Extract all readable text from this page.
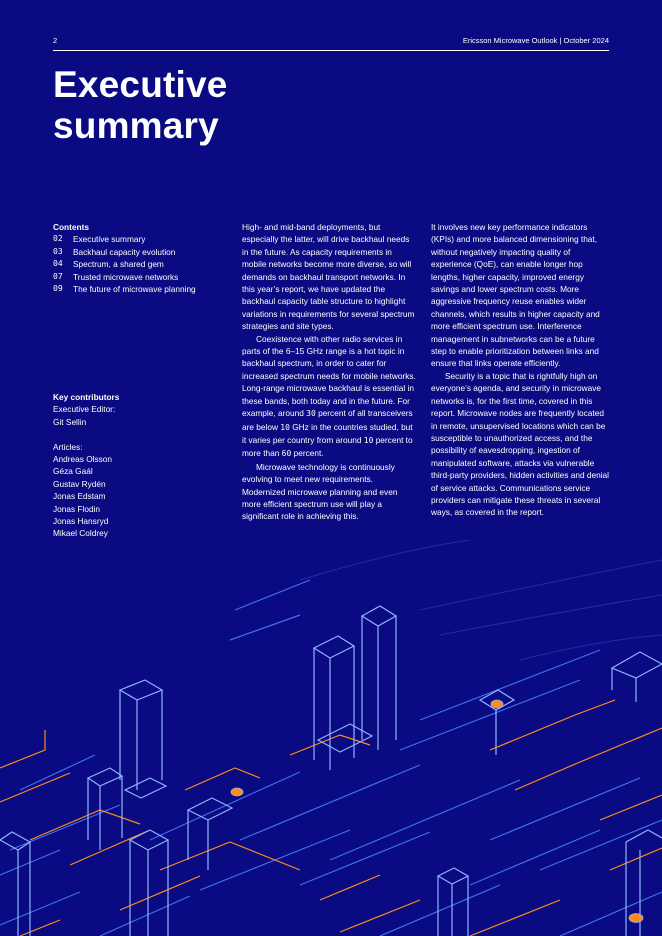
2	Ericsson Microwave Outlook | October 2024
Executive
summary
Contents
02	Executive summary
03	Backhaul capacity evolution
04	Spectrum, a shared gem
07	Trusted microwave networks
09	The future of microwave planning
Key contributors
Executive Editor:
Git Sellin
Articles:
Andreas Olsson
Géza Gaál
Gustav Rydén
Jonas Edstam
Jonas Flodin
Jonas Hansryd
Mikael Coldrey

High- and mid-band deployments, but especially the latter, will drive backhaul needs in the future. As capacity requirements in mobile networks become more diverse, so will demands on backhaul transport networks. In this year’s report, we have updated the backhaul capacity table structure to highlight variations in requirements for several spectrum strategies and site types.

Coexistence with other radio services in parts of the 6–15 GHz range is a hot topic in backhaul spectrum, in order to cater for increased spectrum needs for mobile networks. Long-range microwave backhaul is essential in these bands, both today and in the future. For example, around 30 percent of all transceivers are below 10 GHz in the countries studied, but it varies per country from around 10 percent to more than 60 percent.

Microwave technology is continuously evolving to meet new requirements. Modernized microwave planning and even more efficient spectrum use will play a significant role in achieving this.

It involves new key performance indicators (KPIs) and more balanced dimensioning that, without negatively impacting quality of experience (QoE), can enable longer hop lengths, higher capacity, improved energy savings and lower spectrum costs. More aggressive frequency reuse enables wider channels, which results in higher capacity and more efficient spectrum use. Interference management in subnetworks can be a future step to enable prioritization between links and ensure that links operate efficiently.

Security is a topic that is rightfully high on everyone’s agenda, and security in microwave networks is, for the first time, covered in this report. Microwave nodes are frequently located in remote, unsupervised locations which can be susceptible to unauthorized access, and the possibility of eavesdropping, ingestion of manipulated software, attacks via vulnerable third-party providers, hidden activities and denial of service attacks. Communications service providers can mitigate these threats in several ways, as covered in the report.
